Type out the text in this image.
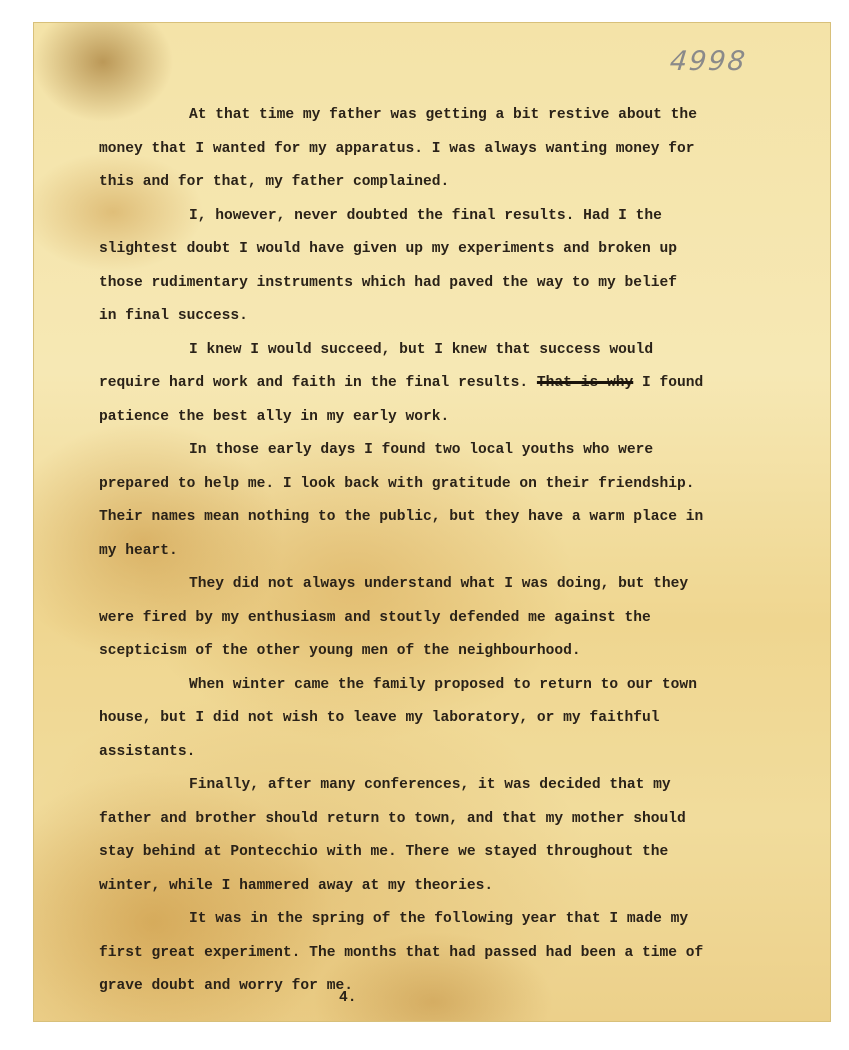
4998

At that time my father was getting a bit restive about the
money that I wanted for my apparatus. I was always wanting money for
this and for that, my father complained.

I, however, never doubted the final results. Had I the
slightest doubt I would have given up my experiments and broken up
those rudimentary instruments which had paved the way to my belief
in final success.

I knew I would succeed, but I knew that success would
require hard work and faith in the final results. That is why I found
patience the best ally in my early work.

In those early days I found two local youths who were
prepared to help me. I look back with gratitude on their friendship.
Their names mean nothing to the public, but they have a warm place in
my heart.

They did not always understand what I was doing, but they
were fired by my enthusiasm and stoutly defended me against the
scepticism of the other young men of the neighbourhood.

When winter came the family proposed to return to our town
house, but I did not wish to leave my laboratory, or my faithful
assistants.

Finally, after many conferences, it was decided that my
father and brother should return to town, and that my mother should
stay behind at Pontecchio with me. There we stayed throughout the
winter, while I hammered away at my theories.

It was in the spring of the following year that I made my
first great experiment. The months that had passed had been a time of
grave doubt and worry for me.

4.
